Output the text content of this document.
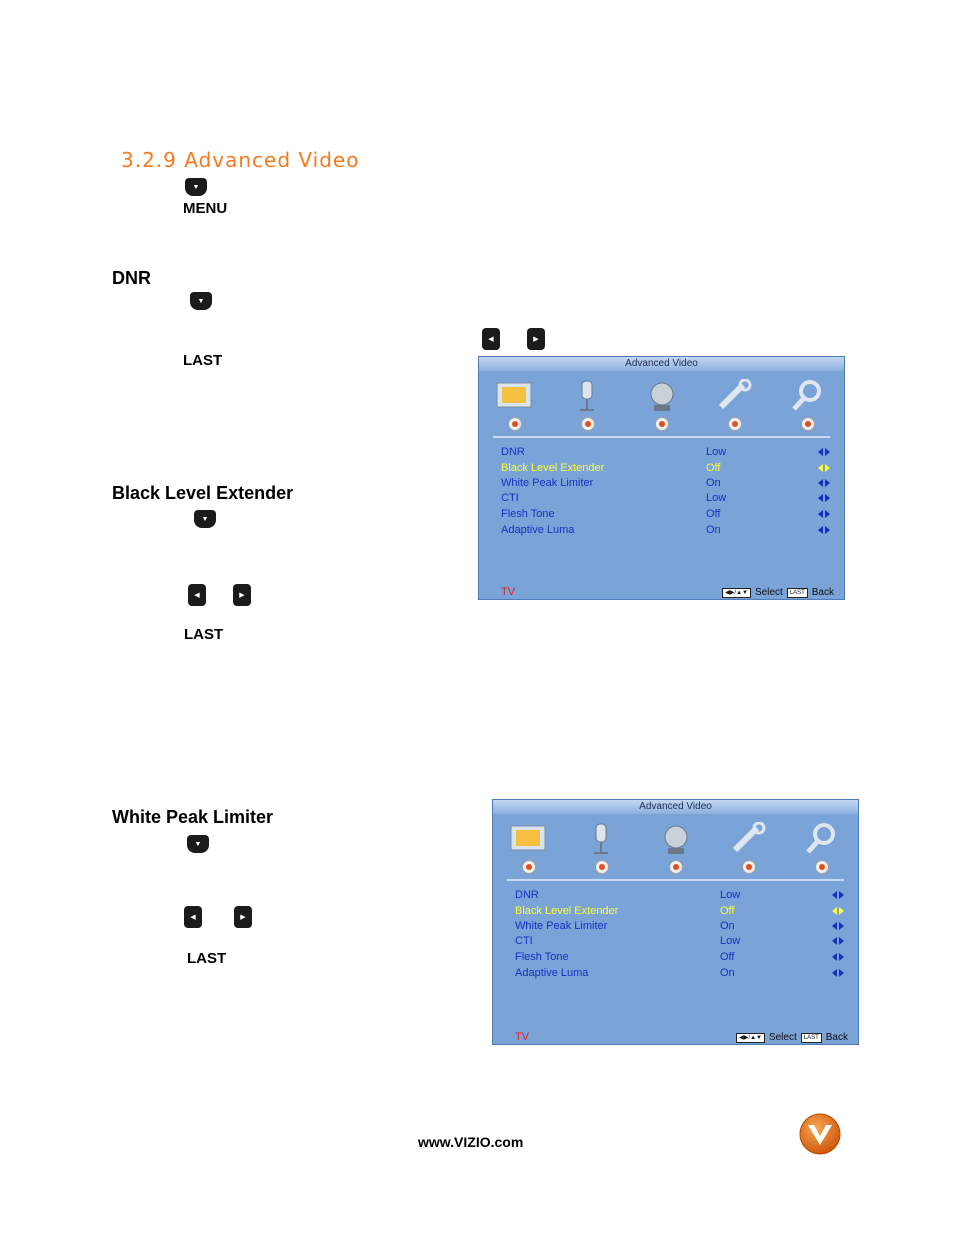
3.2.9 Advanced Video
▼
MENU
DNR
▼
◀	▶
LAST	Advanced Video
DNR	Low
Black Level Extender	Off
White Peak Limiter	On
CTI	Low
Flesh Tone	Off
Adaptive Luma	On
TV	◀▶/▲▼ Select	LAST Back
Black Level Extender
▼
◀	▶
LAST
White Peak Limiter
▼
◀	▶
LAST
Advanced Video
DNR	Low
Black Level Extender	Off
White Peak Limiter	On
CTI	Low
Flesh Tone	Off
Adaptive Luma	On
TV	◀▶/▲▼ Select	LAST Back
www.VIZIO.com
